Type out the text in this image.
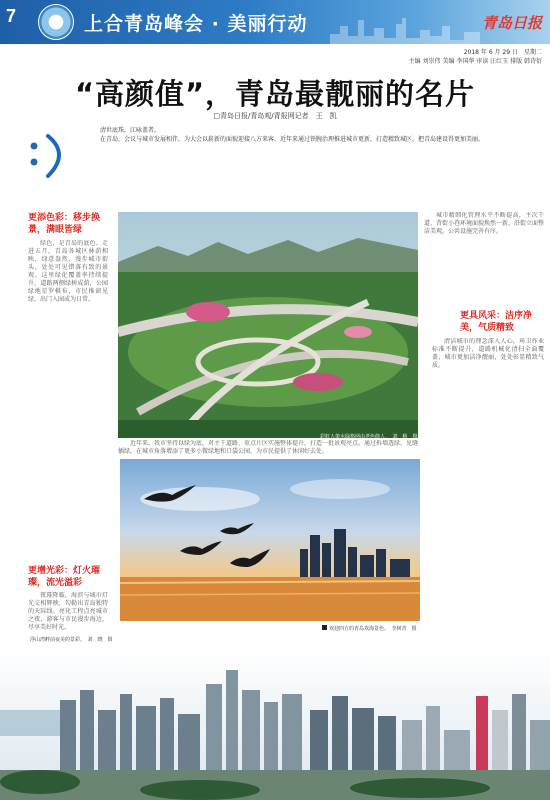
7	上合青岛峰会 · 美丽行动	青岛日报
2018 年 6 月 29 日　星期二
主编 刘崇伟 美编 李国华 审读 汪红玉 排版 韩诗衍
“高颜值”，青岛最靓丽的名片
□青岛日报/青岛观/青报网记者　王　凯

清世底珠，江咏盖者。

在青岛，会议与城市发展相伴，为大会以崭新的面貌迎接八方来客，近年来通过铁腕治理推进城市更新，打造精致城区，把青岛建设得更加美丽。

更添色彩：移步换景，满眼皆绿
更增光彩：灯火璀璨，流光溢彩
更具风采：洁序净美，气质精致

绿色，是青岛的底色。走进五月，青岛各城区林荫相映，绿意盎然，漫步城市街头，处处可见错落有致的景观。这里绿化覆盖率持续提升，道路两侧绿树成荫，公园绿地星罗棋布，市民推窗见绿、出门入园成为日常。

夜幕降临，海滨与城市灯光交相辉映，勾勒出青岛独特的天际线。亮化工程点亮城市之夜，游客与市民漫步海边，尽享美好时光。

近年来，我市坚持以绿为底，对主干道路、重点片区实施整体提升，打造一批景观亮点。通过拆墙透绿、见缝插绿，在城市角落增添了更多小微绿地和口袋公园，为市民提供了休闲好去处。

城市精细化管理水平不断提高，主次干道、背街小巷环境面貌焕然一新，沿街立面整洁美观，公共设施完善有序。

清洁城市的理念深入人心，环卫作业标准不断提升，道路机械化清扫全面覆盖，城市更加洁净靓丽，处处彰显精致气质。

彩虹人架水绿格网由老色绕人。　刘　稍　摄
欢迎四方的青岛欢海景色。　李树青　摄
浮山湾畔前夜美的景彩。　刘　晓　摄
